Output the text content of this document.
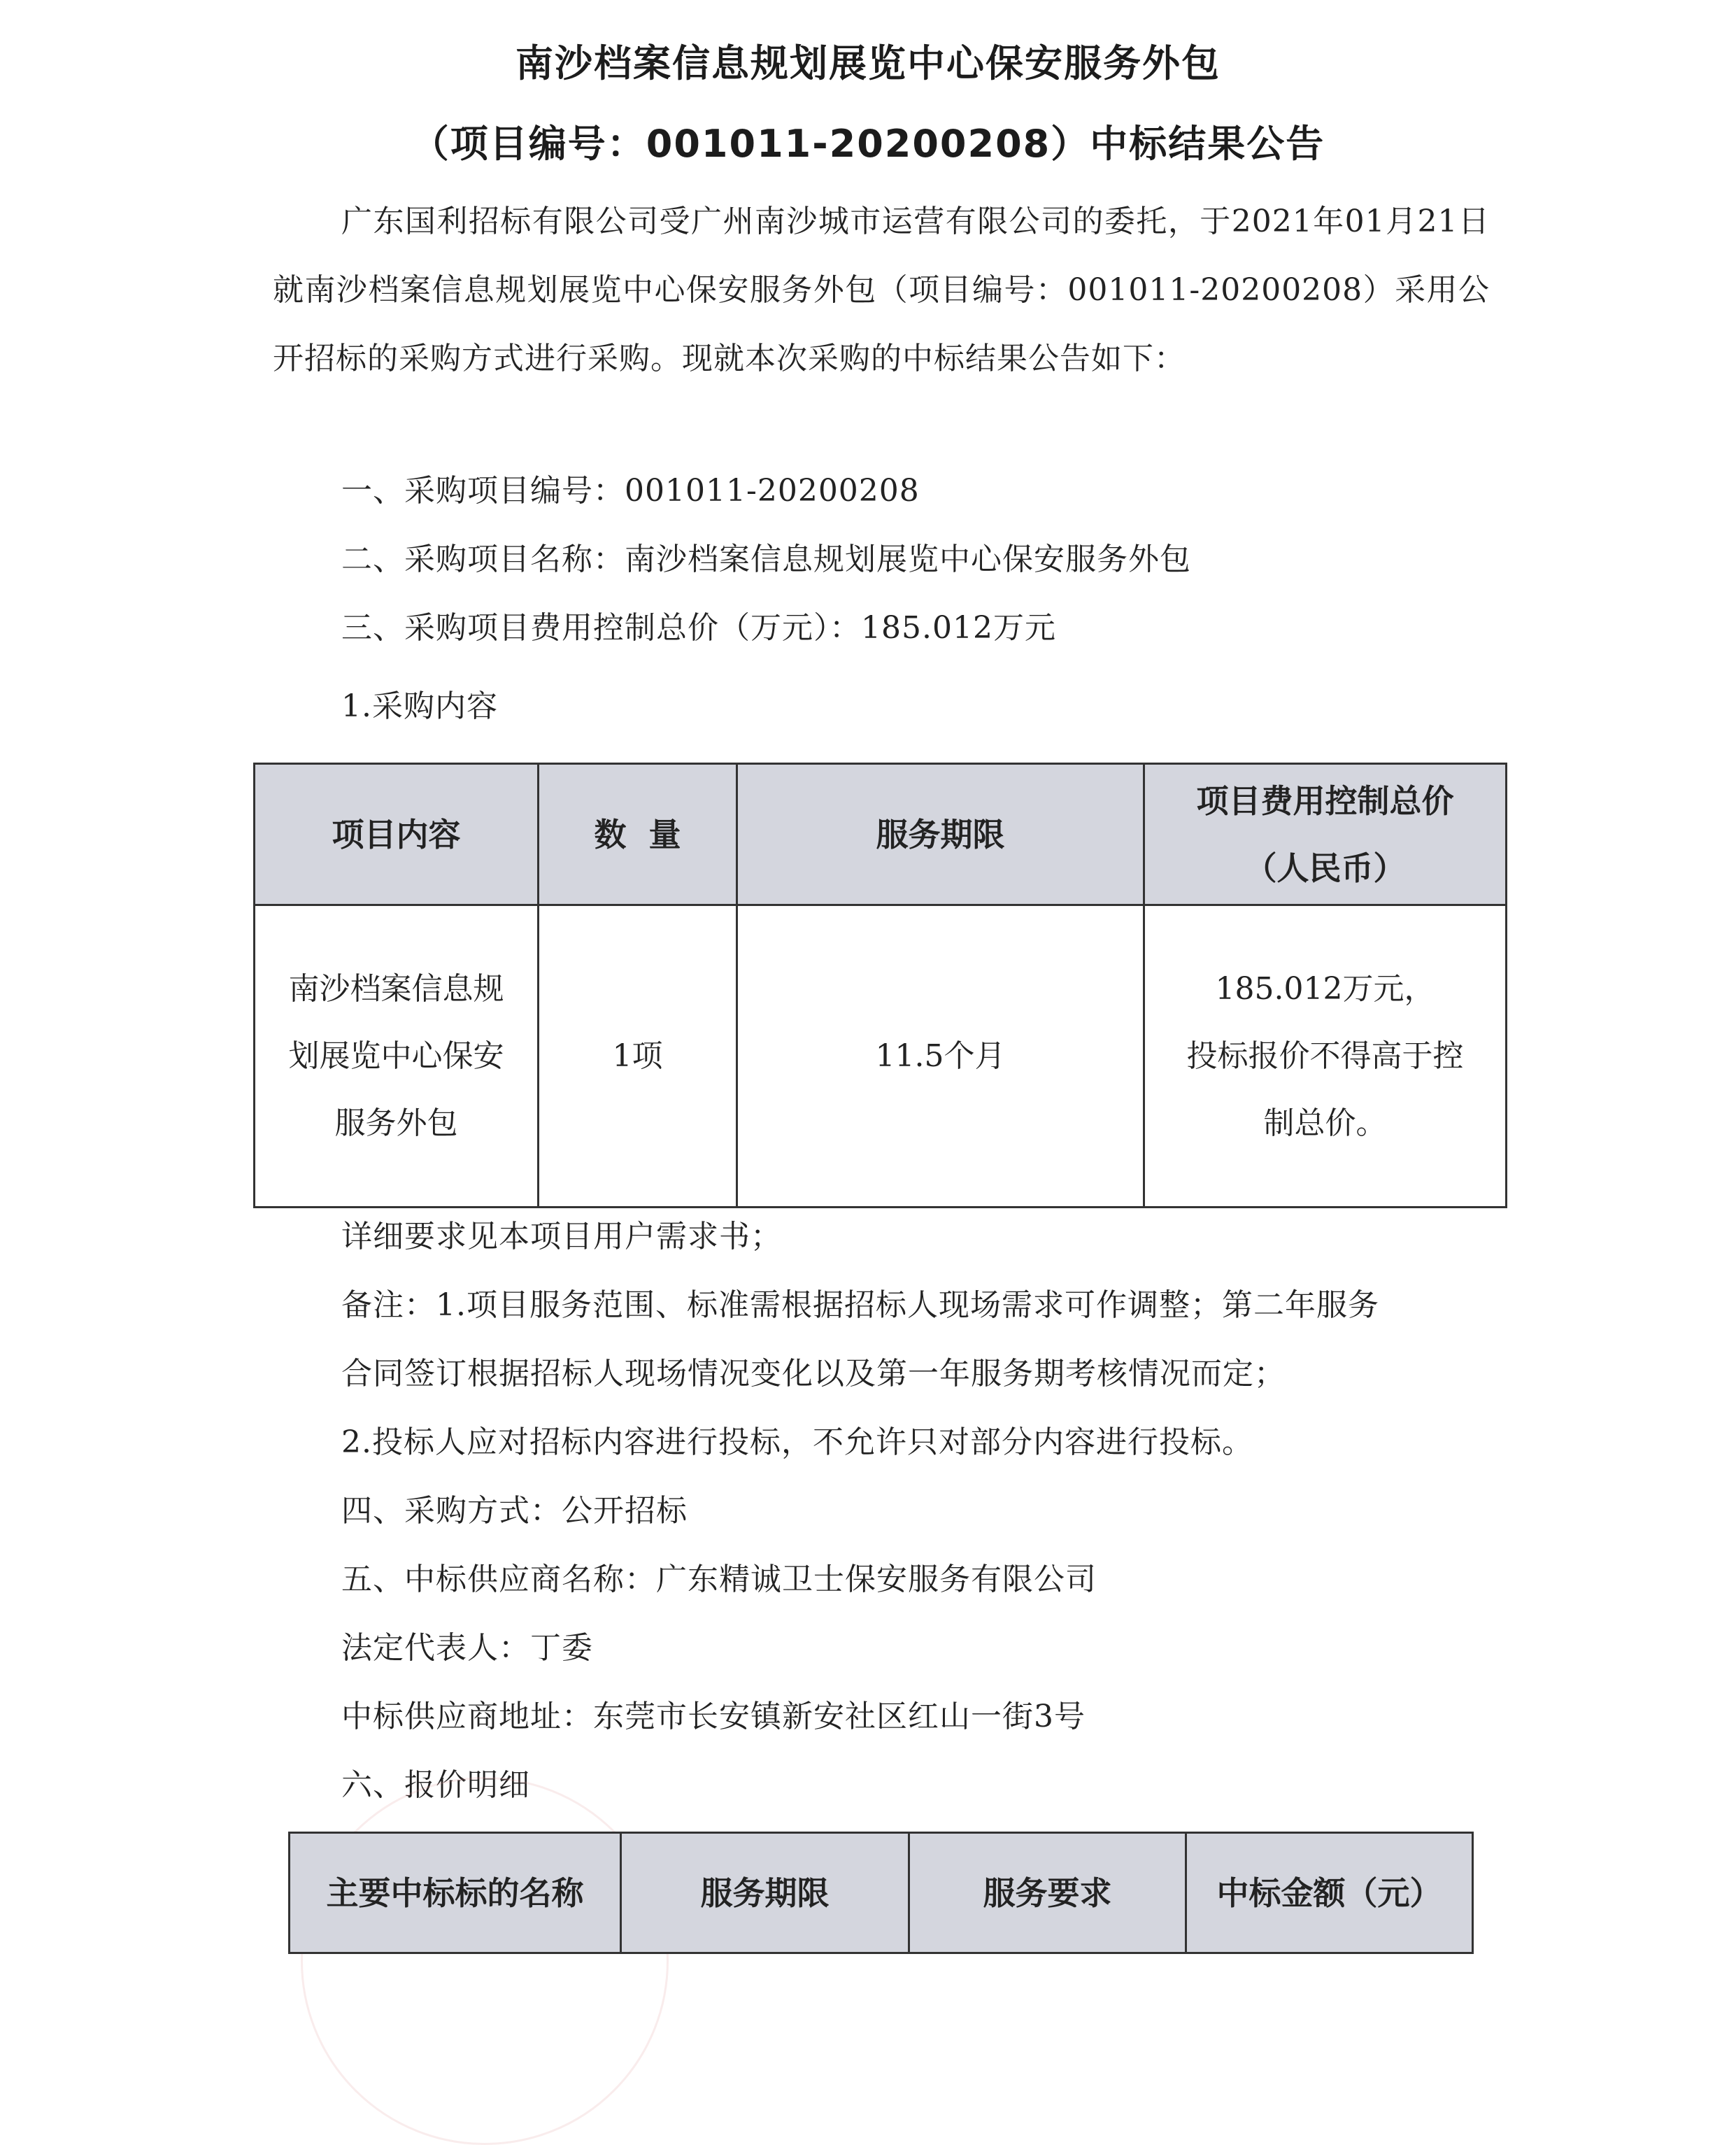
南沙档案信息规划展览中心保安服务外包
（项目编号：001011-20200208）中标结果公告
广东国利招标有限公司受广州南沙城市运营有限公司的委托，于2021年01月21日就南沙档案信息规划展览中心保安服务外包（项目编号：001011-20200208）采用公开招标的采购方式进行采购。现就本次采购的中标结果公告如下：
一、采购项目编号：001011-20200208
二、采购项目名称：南沙档案信息规划展览中心保安服务外包
三、采购项目费用控制总价（万元）：185.012万元
1.采购内容
项目内容	数  量	服务期限	项目费用控制总价
（人民币）

南沙档案信息规
划展览中心保安
服务外包	1项	11.5个月	185.012万元，
投标报价不得高于控
制总价。
详细要求见本项目用户需求书；
备注：1.项目服务范围、标准需根据招标人现场需求可作调整；第二年服务
合同签订根据招标人现场情况变化以及第一年服务期考核情况而定；
2.投标人应对招标内容进行投标，不允许只对部分内容进行投标。
四、采购方式：公开招标
五、中标供应商名称：广东精诚卫士保安服务有限公司
法定代表人：丁委
中标供应商地址：东莞市长安镇新安社区红山一街3号
六、报价明细
主要中标标的名称	服务期限	服务要求	中标金额（元）
